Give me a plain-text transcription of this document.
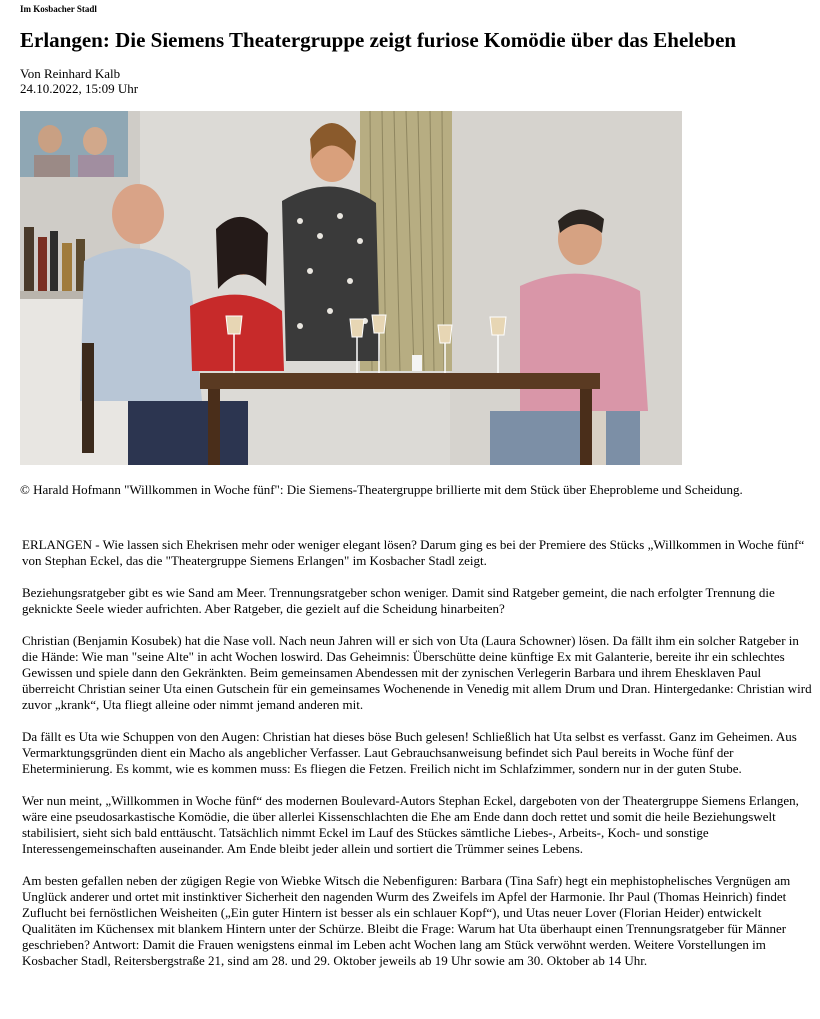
Im Kosbacher Stadl
Erlangen: Die Siemens Theatergruppe zeigt furiose Komödie über das Eheleben
Von Reinhard Kalb
24.10.2022, 15:09 Uhr
© Harald Hofmann "Willkommen in Woche fünf": Die Siemens-Theatergruppe brillierte mit dem Stück über Eheprobleme und Scheidung.

ERLANGEN - Wie lassen sich Ehekrisen mehr oder weniger elegant lösen? Darum ging es bei der Premiere des Stücks „Willkommen in Woche fünf“ von Stephan Eckel, das die "Theatergruppe Siemens Erlangen" im Kosbacher Stadl zeigt.

Beziehungsratgeber gibt es wie Sand am Meer. Trennungsratgeber schon weniger. Damit sind Ratgeber gemeint, die nach erfolgter Trennung die geknickte Seele wieder aufrichten. Aber Ratgeber, die gezielt auf die Scheidung hinarbeiten?

Christian (Benjamin Kosubek) hat die Nase voll. Nach neun Jahren will er sich von Uta (Laura Schowner) lösen. Da fällt ihm ein solcher Ratgeber in die Hände: Wie man "seine Alte" in acht Wochen loswird. Das Geheimnis: Überschütte deine künftige Ex mit Galanterie, bereite ihr ein schlechtes Gewissen und spiele dann den Gekränkten. Beim gemeinsamen Abendessen mit der zynischen Verlegerin Barbara und ihrem Ehesklaven Paul überreicht Christian seiner Uta einen Gutschein für ein gemeinsames Wochenende in Venedig mit allem Drum und Dran. Hintergedanke: Christian wird zuvor „krank“, Uta fliegt alleine oder nimmt jemand anderen mit.

Da fällt es Uta wie Schuppen von den Augen: Christian hat dieses böse Buch gelesen! Schließlich hat Uta selbst es verfasst. Ganz im Geheimen. Aus Vermarktungsgründen dient ein Macho als angeblicher Verfasser. Laut Gebrauchsanweisung befindet sich Paul bereits in Woche fünf der Eheterminierung. Es kommt, wie es kommen muss: Es fliegen die Fetzen. Freilich nicht im Schlafzimmer, sondern nur in der guten Stube.

Wer nun meint, „Willkommen in Woche fünf“ des modernen Boulevard-Autors Stephan Eckel, dargeboten von der Theatergruppe Siemens Erlangen, wäre eine pseudosarkastische Komödie, die über allerlei Kissenschlachten die Ehe am Ende dann doch rettet und somit die heile Beziehungswelt stabilisiert, sieht sich bald enttäuscht. Tatsächlich nimmt Eckel im Lauf des Stückes sämtliche Liebes-, Arbeits-, Koch- und sonstige Interessengemeinschaften auseinander. Am Ende bleibt jeder allein und sortiert die Trümmer seines Lebens.

Am besten gefallen neben der zügigen Regie von Wiebke Witsch die Nebenfiguren: Barbara (Tina Safr) hegt ein mephistophelisches Vergnügen am Unglück anderer und ortet mit instinktiver Sicherheit den nagenden Wurm des Zweifels im Apfel der Harmonie. Ihr Paul (Thomas Heinrich) findet Zuflucht bei fernöstlichen Weisheiten („Ein guter Hintern ist besser als ein schlauer Kopf“), und Utas neuer Lover (Florian Heider) entwickelt Qualitäten im Küchensex mit blankem Hintern unter der Schürze. Bleibt die Frage: Warum hat Uta überhaupt einen Trennungsratgeber für Männer geschrieben? Antwort: Damit die Frauen wenigstens einmal im Leben acht Wochen lang am Stück verwöhnt werden. Weitere Vorstellungen im Kosbacher Stadl, Reitersbergstraße 21, sind am 28. und 29. Oktober jeweils ab 19 Uhr sowie am 30. Oktober ab 14 Uhr.
